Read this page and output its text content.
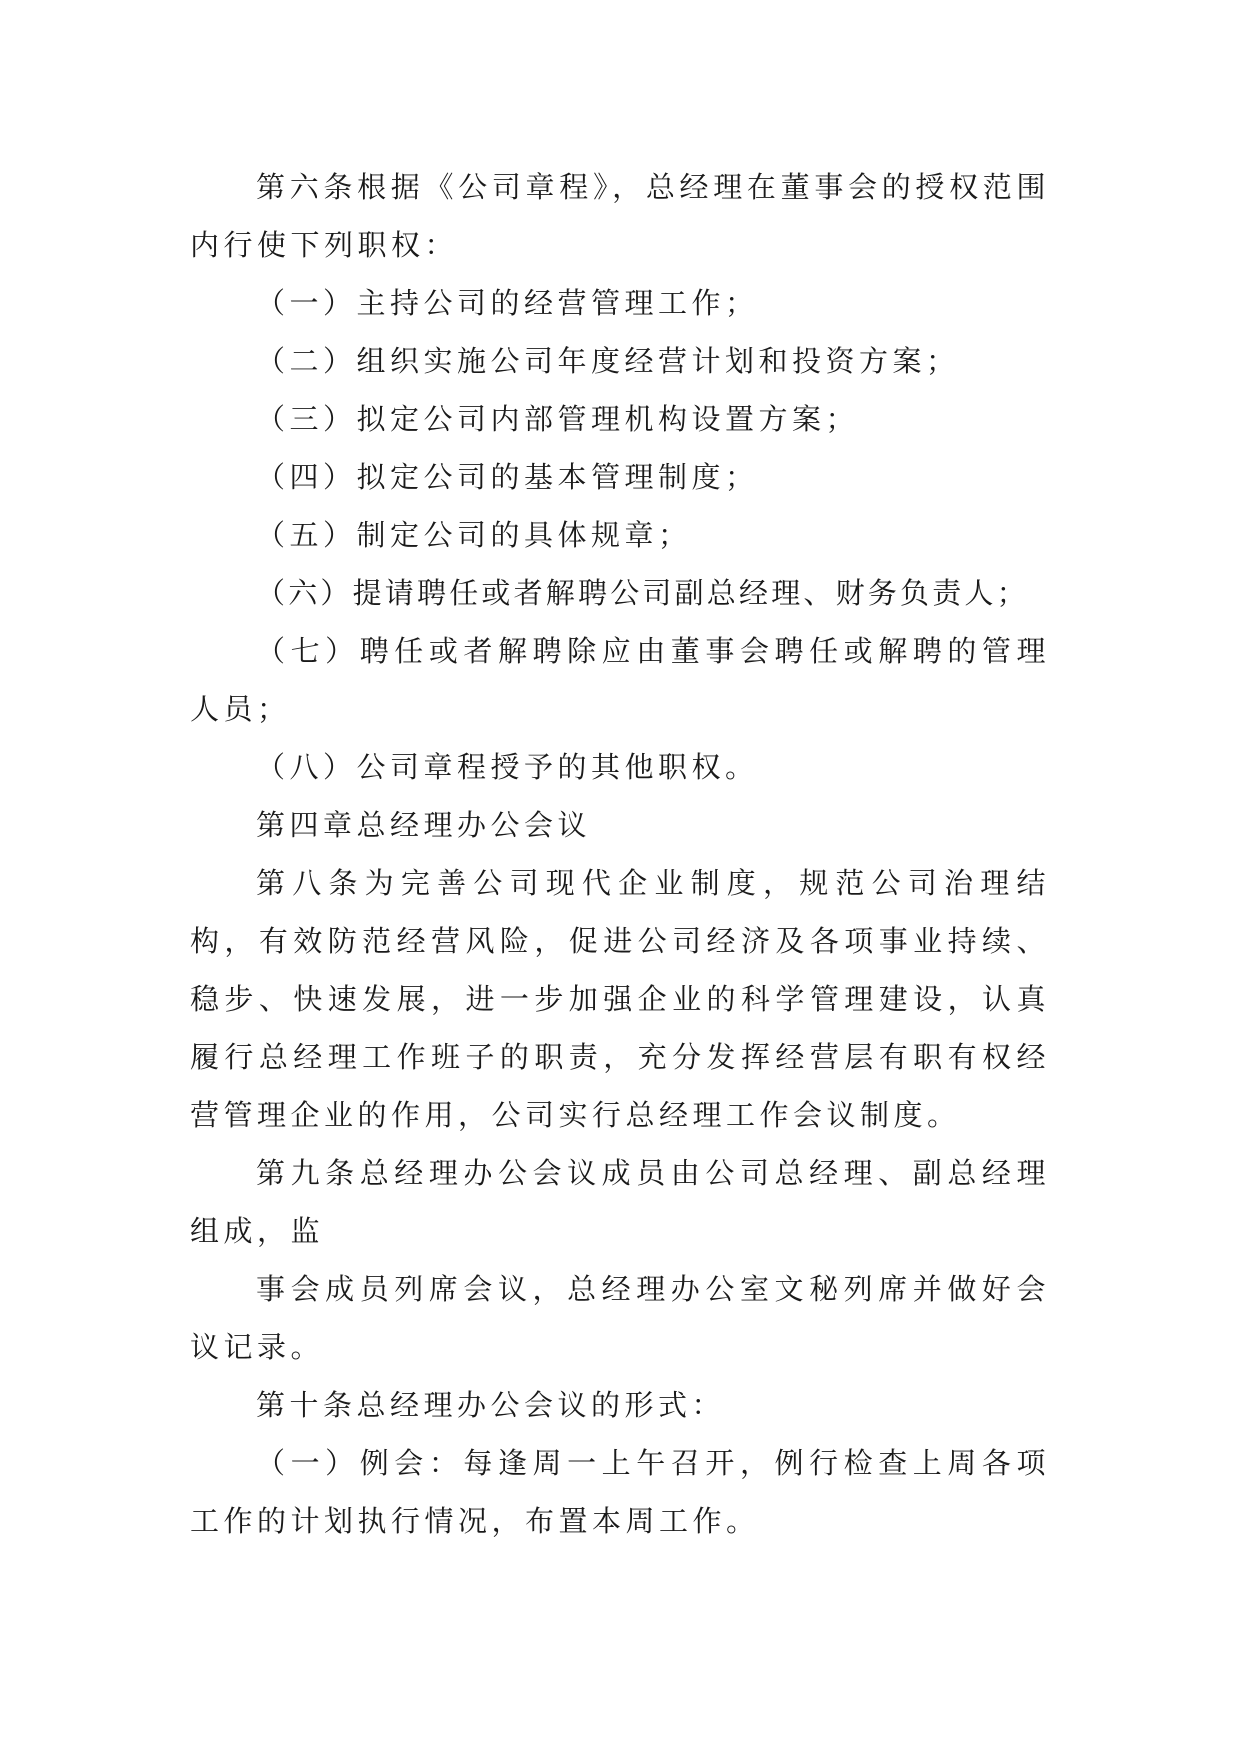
第六条根据《公司章程》，总经理在董事会的授权范围内行使下列职权：

（一）主持公司的经营管理工作；

（二）组织实施公司年度经营计划和投资方案；

（三）拟定公司内部管理机构设置方案；

（四）拟定公司的基本管理制度；

（五）制定公司的具体规章；

（六）提请聘任或者解聘公司副总经理、财务负责人；

（七）聘任或者解聘除应由董事会聘任或解聘的管理人员；

（八）公司章程授予的其他职权。

第四章总经理办公会议

第八条为完善公司现代企业制度，规范公司治理结构，有效防范经营风险，促进公司经济及各项事业持续、稳步、快速发展，进一步加强企业的科学管理建设，认真履行总经理工作班子的职责，充分发挥经营层有职有权经营管理企业的作用，公司实行总经理工作会议制度。

第九条总经理办公会议成员由公司总经理、副总经理组成，监

事会成员列席会议，总经理办公室文秘列席并做好会议记录。

第十条总经理办公会议的形式：

（一）例会：每逢周一上午召开，例行检查上周各项工作的计划执行情况，布置本周工作。
